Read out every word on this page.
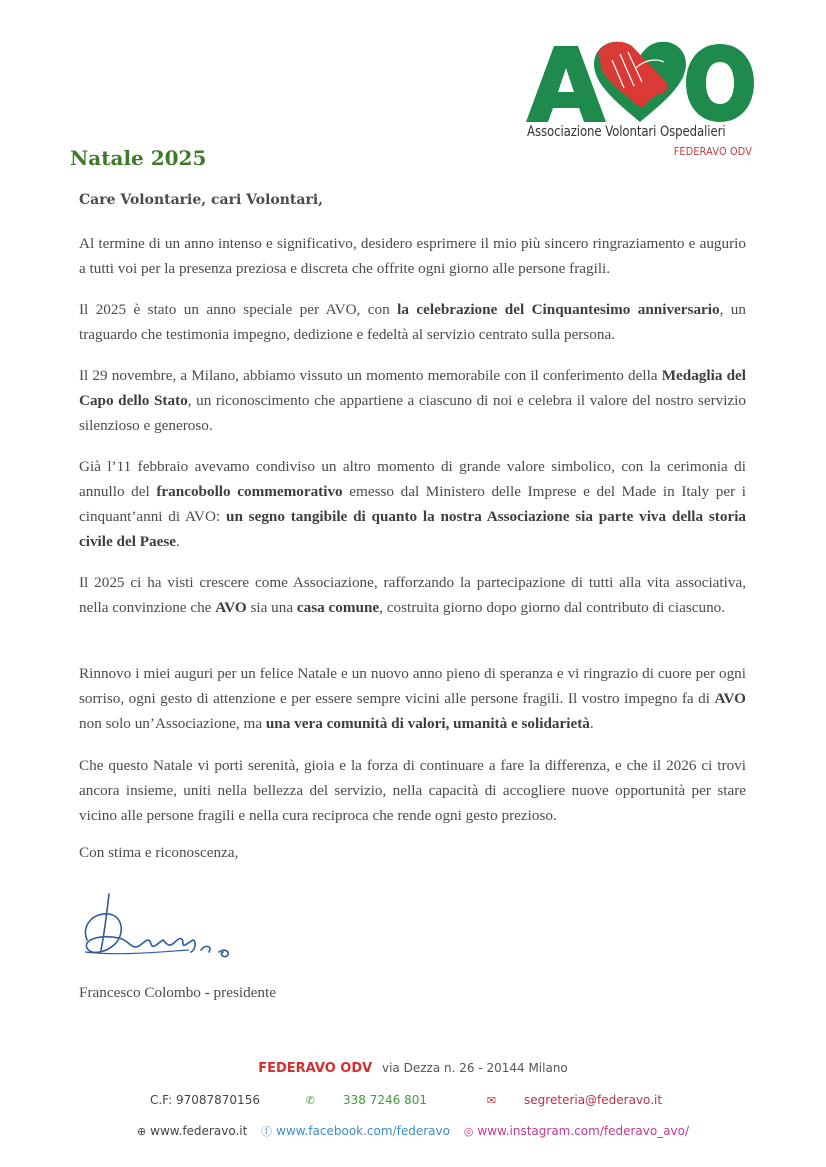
Associazione Volontari Ospedalieri
FEDERAVO ODV
Natale 2025
Care Volontarie, cari Volontari,
Al termine di un anno intenso e significativo, desidero esprimere il mio più sincero ringraziamento e augurio a tutti voi per la presenza preziosa e discreta che offrite ogni giorno alle persone fragili.
Il 2025 è stato un anno speciale per AVO, con la celebrazione del Cinquantesimo anniversario, un traguardo che testimonia impegno, dedizione e fedeltà al servizio centrato sulla persona.
Il 29 novembre, a Milano, abbiamo vissuto un momento memorabile con il conferimento della Medaglia del Capo dello Stato, un riconoscimento che appartiene a ciascuno di noi e celebra il valore del nostro servizio silenzioso e generoso.
Già l’11 febbraio avevamo condiviso un altro momento di grande valore simbolico, con la cerimonia di annullo del francobollo commemorativo emesso dal Ministero delle Imprese e del Made in Italy per i cinquant’anni di AVO: un segno tangibile di quanto la nostra Associazione sia parte viva della storia civile del Paese.
Il 2025 ci ha visti crescere come Associazione, rafforzando la partecipazione di tutti alla vita associativa, nella convinzione che AVO sia una casa comune, costruita giorno dopo giorno dal contributo di ciascuno.
Rinnovo i miei auguri per un felice Natale e un nuovo anno pieno di speranza e vi ringrazio di cuore per ogni sorriso, ogni gesto di attenzione e per essere sempre vicini alle persone fragili. Il vostro impegno fa di AVO non solo un’Associazione, ma una vera comunità di valori, umanità e solidarietà.
Che questo Natale vi porti serenità, gioia e la forza di continuare a fare la differenza, e che il 2026 ci trovi ancora insieme, uniti nella bellezza del servizio, nella capacità di accogliere nuove opportunità per stare vicino alle persone fragili e nella cura reciproca che rende ogni gesto prezioso.
Con stima e riconoscenza,
Francesco Colombo - presidente
FEDERAVO ODV via Dezza n. 26 - 20144 Milano
C.F: 97087870156	✆ 338 7246 801	✉ segreteria@federavo.it
⊕ www.federavo.it ⓕ www.facebook.com/federavo ◎ www.instagram.com/federavo_avo/
